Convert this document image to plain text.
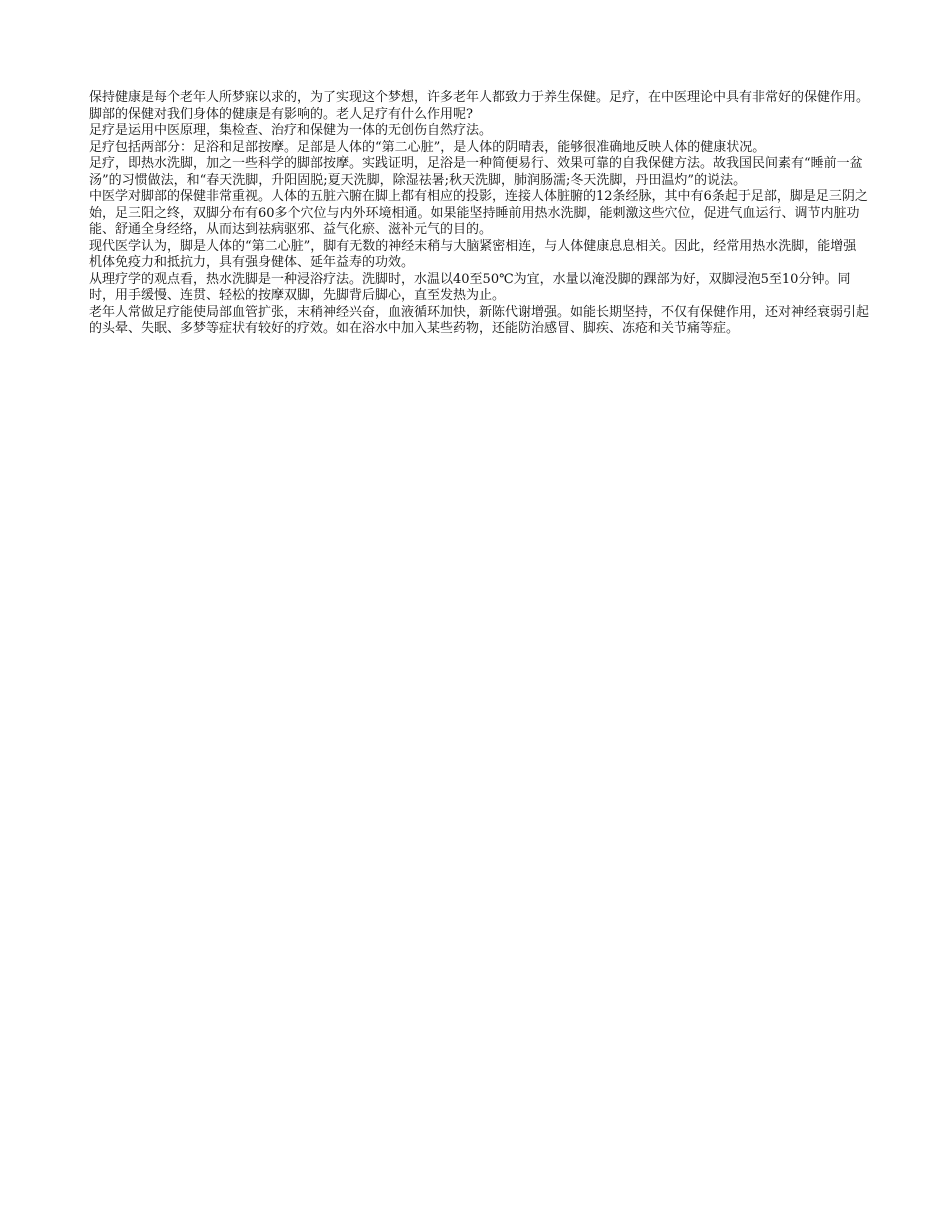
保持健康是每个老年人所梦寐以求的，为了实现这个梦想，许多老年人都致力于养生保健。足疗，在中医理论中具有非常好的保健作用。脚部的保健对我们身体的健康是有影响的。老人足疗有什么作用呢?

足疗是运用中医原理，集检查、治疗和保健为一体的无创伤自然疗法。

足疗包括两部分：足浴和足部按摩。足部是人体的“第二心脏”，是人体的阴晴表，能够很准确地反映人体的健康状况。

足疗，即热水洗脚，加之一些科学的脚部按摩。实践证明，足浴是一种简便易行、效果可靠的自我保健方法。故我国民间素有“睡前一盆汤”的习惯做法，和“春天洗脚，升阳固脱;夏天洗脚，除湿祛暑;秋天洗脚，肺润肠濡;冬天洗脚，丹田温灼”的说法。

中医学对脚部的保健非常重视。人体的五脏六腑在脚上都有相应的投影，连接人体脏腑的12条经脉，其中有6条起于足部，脚是足三阴之始，足三阳之终，双脚分布有60多个穴位与内外环境相通。如果能坚持睡前用热水洗脚，能刺激这些穴位，促进气血运行、调节内脏功能、舒通全身经络，从而达到祛病驱邪、益气化瘀、滋补元气的目的。

现代医学认为，脚是人体的“第二心脏”，脚有无数的神经末稍与大脑紧密相连，与人体健康息息相关。因此，经常用热水洗脚，能增强机体免疫力和抵抗力，具有强身健体、延年益寿的功效。

从理疗学的观点看，热水洗脚是一种浸浴疗法。洗脚时，水温以40至50℃为宜，水量以淹没脚的踝部为好，双脚浸泡5至10分钟。同时，用手缓慢、连贯、轻松的按摩双脚，先脚背后脚心，直至发热为止。

老年人常做足疗能使局部血管扩张，末稍神经兴奋，血液循环加快，新陈代谢增强。如能长期坚持，不仅有保健作用，还对神经衰弱引起的头晕、失眠、多梦等症状有较好的疗效。如在浴水中加入某些药物，还能防治感冒、脚疾、冻疮和关节痛等症。
